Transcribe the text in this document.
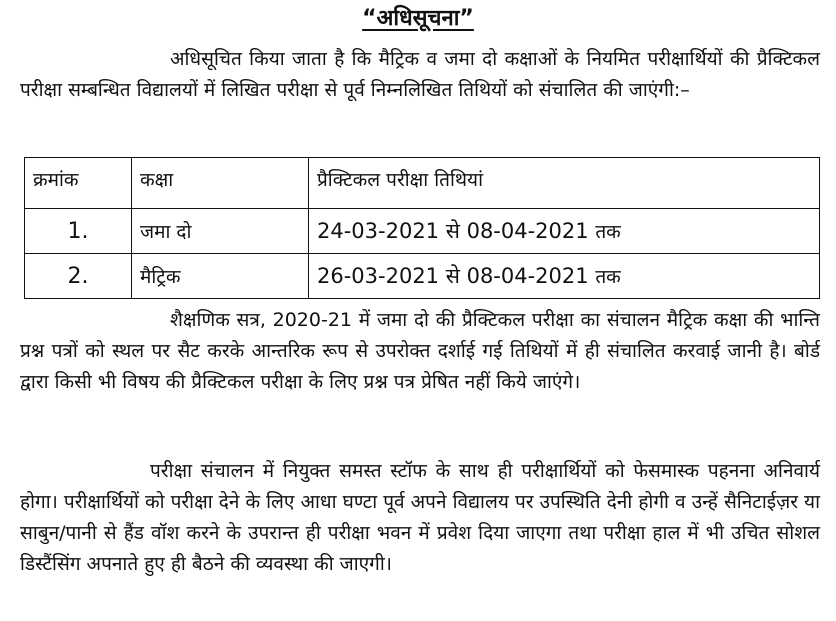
“अधिसूचना”
अधिसूचित किया जाता है कि मैट्रिक व जमा दो कक्षाओं के नियमित परीक्षार्थियों की प्रैक्टिकल परीक्षा सम्बन्धित विद्यालयों में लिखित परीक्षा से पूर्व निम्नलिखित तिथियों को संचालित की जाएंगी:–
क्रमांक	कक्षा	प्रैक्टिकल परीक्षा तिथियां
1.	जमा दो	24-03-2021 से 08-04-2021 तक
2.	मैट्रिक	26-03-2021 से 08-04-2021 तक
शैक्षणिक सत्र, 2020-21 में जमा दो की प्रैक्टिकल परीक्षा का संचालन मैट्रिक कक्षा की भान्ति प्रश्न पत्रों को स्थल पर सैट करके आन्तरिक रूप से उपरोक्त दर्शाई गई तिथियों में ही संचालित करवाई जानी है। बोर्ड द्वारा किसी भी विषय की प्रैक्टिकल परीक्षा के लिए प्रश्न पत्र प्रेषित नहीं किये जाएंगे।
परीक्षा संचालन में नियुक्त समस्त स्टॉफ के साथ ही परीक्षार्थियों को फेसमास्क पहनना अनिवार्य होगा। परीक्षार्थियों को परीक्षा देने के लिए आधा घण्टा पूर्व अपने विद्यालय पर उपस्थिति देनी होगी व उन्हें सैनिटाईज़र या साबुन/पानी से हैंड वॉश करने के उपरान्त ही परीक्षा भवन में प्रवेश दिया जाएगा तथा परीक्षा हाल में भी उचित सोशल डिस्टैंसिंग अपनाते हुए ही बैठने की व्यवस्था की जाएगी।
